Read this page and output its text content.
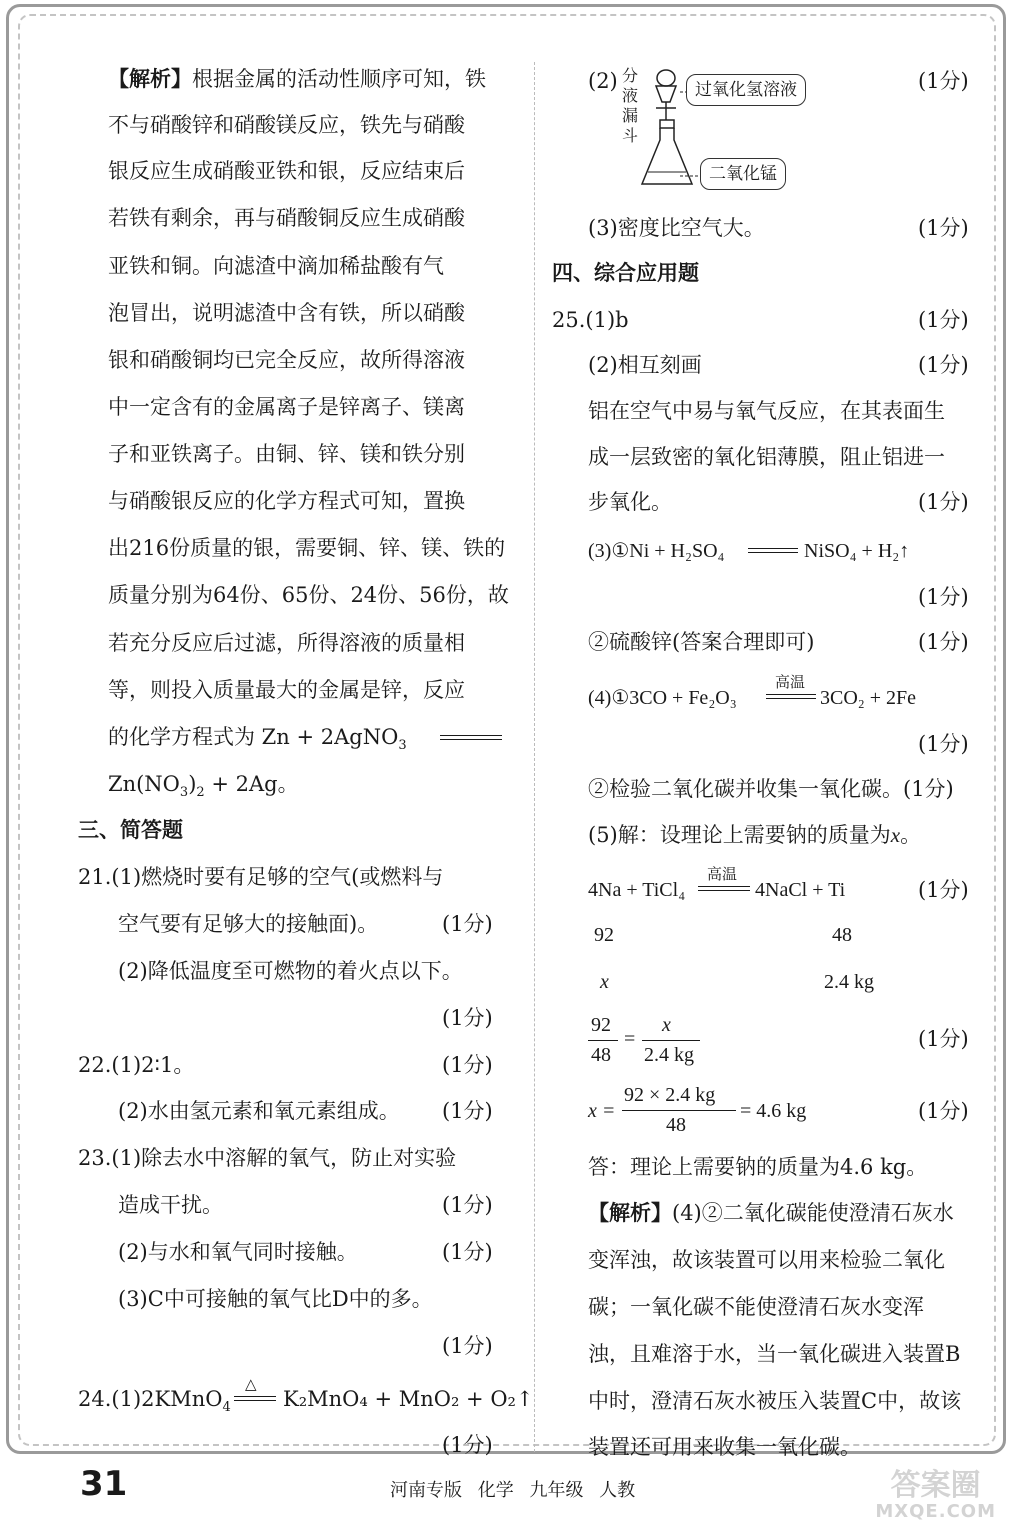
【解析】根据金属的活动性顺序可知，铁
不与硝酸锌和硝酸镁反应，铁先与硝酸
银反应生成硝酸亚铁和银，反应结束后
若铁有剩余，再与硝酸铜反应生成硝酸
亚铁和铜。向滤渣中滴加稀盐酸有气
泡冒出，说明滤渣中含有铁，所以硝酸
银和硝酸铜均已完全反应，故所得溶液
中一定含有的金属离子是锌离子、镁离
子和亚铁离子。由铜、锌、镁和铁分别
与硝酸银反应的化学方程式可知，置换
出216份质量的银，需要铜、锌、镁、铁的
质量分别为64份、65份、24份、56份，故
若充分反应后过滤，所得溶液的质量相
等，则投入质量最大的金属是锌，反应
的化学方程式为 Zn + 2AgNO$_3$
$Zn(NO_3)_2 + 2Ag$。
三、简答题
21.(1)燃烧时要有足够的空气(或燃料与
空气要有足够大的接触面)。	(1分)
(2)降低温度至可燃物的着火点以下。
(1分)
22.(1)2∶1。	(1分)
(2)水由氢元素和氧元素组成。 (1分)
23.(1)除去水中溶解的氧气，防止对实验
造成干扰。	(1分)
(2)与水和氧气同时接触。	(1分)
(3)C中可接触的氧气比D中的多。
(1分)
24.(1)2KMnO$_4$
△
K₂MnO₄ + MnO₂ + O₂↑
(1分)
(2)	(1分)
分液漏斗
过氧化氢溶液
二氧化锰
(3)密度比空气大。	(1分)
四、综合应用题
25.(1)b	(1分)
(2)相互刻画	(1分)
铝在空气中易与氧气反应，在其表面生
成一层致密的氧化铝薄膜，阻止铝进一
步氧化。	(1分)
(3)①Ni + H₂SO₄	NiSO₄ + H₂↑
(1分)
②硫酸锌(答案合理即可)	(1分)
(4)①3CO + Fe₂O₃
高温
3CO₂ + 2Fe
(1分)
②检验二氧化碳并收集一氧化碳。(1分)
(5)解：设理论上需要钠的质量为x。
4Na + TiCl₄
高温
4NaCl + Ti	(1分)
92	48
x	2.4 kg
92
48
=
x
2.4 kg
(1分)
x =
92 × 2.4 kg
48
= 4.6 kg	(1分)
答：理论上需要钠的质量为4.6 kg。
【解析】(4)②二氧化碳能使澄清石灰水
变浑浊，故该装置可以用来检验二氧化
碳；一氧化碳不能使澄清石灰水变浑
浊，且难溶于水，当一氧化碳进入装置B
中时，澄清石灰水被压入装置C中，故该
装置还可用来收集一氧化碳。
31	河南专版 化学 九年级 人教	答案圈
MXQE.COM
